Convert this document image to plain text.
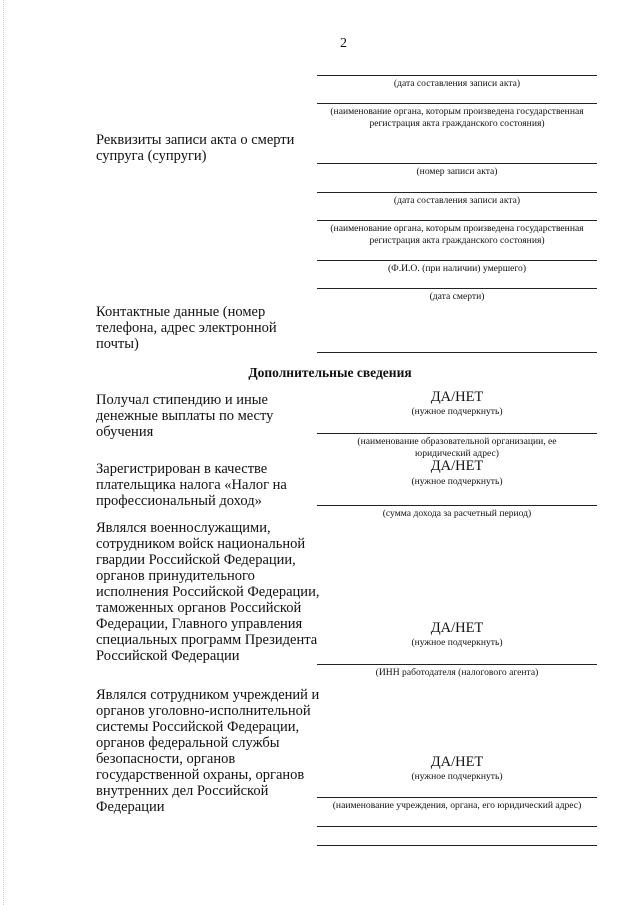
2
(дата составления записи акта)
(наименование органа, которым произведена государственная регистрация акта гражданского состояния)
Реквизиты записи акта о смерти супруга (супруги)
(номер записи акта)
(дата составления записи акта)
(наименование органа, которым произведена государственная регистрация акта гражданского состояния)
(Ф.И.О. (при наличии) умершего)
(дата смерти)
Контактные данные (номер телефона, адрес электронной почты)
Дополнительные сведения
Получал стипендию и иные денежные выплаты по месту обучения
ДА/НЕТ
(нужное подчеркнуть)
(наименование образовательной организации, ее юридический адрес)
Зарегистрирован в качестве плательщика налога «Налог на профессиональный доход»
ДА/НЕТ
(нужное подчеркнуть)
(сумма дохода за расчетный период)
Являлся военнослужащими, сотрудником войск национальной гвардии Российской Федерации, органов принудительного исполнения Российской Федерации, таможенных органов Российской Федерации, Главного управления специальных программ Президента Российской Федерации
ДА/НЕТ
(нужное подчеркнуть)
(ИНН работодателя (налогового агента)
Являлся сотрудником учреждений и органов уголовно-исполнительной системы Российской Федерации, органов федеральной службы безопасности, органов государственной охраны, органов внутренних дел Российской Федерации
ДА/НЕТ
(нужное подчеркнуть)
(наименование учреждения, органа, его юридический адрес)
